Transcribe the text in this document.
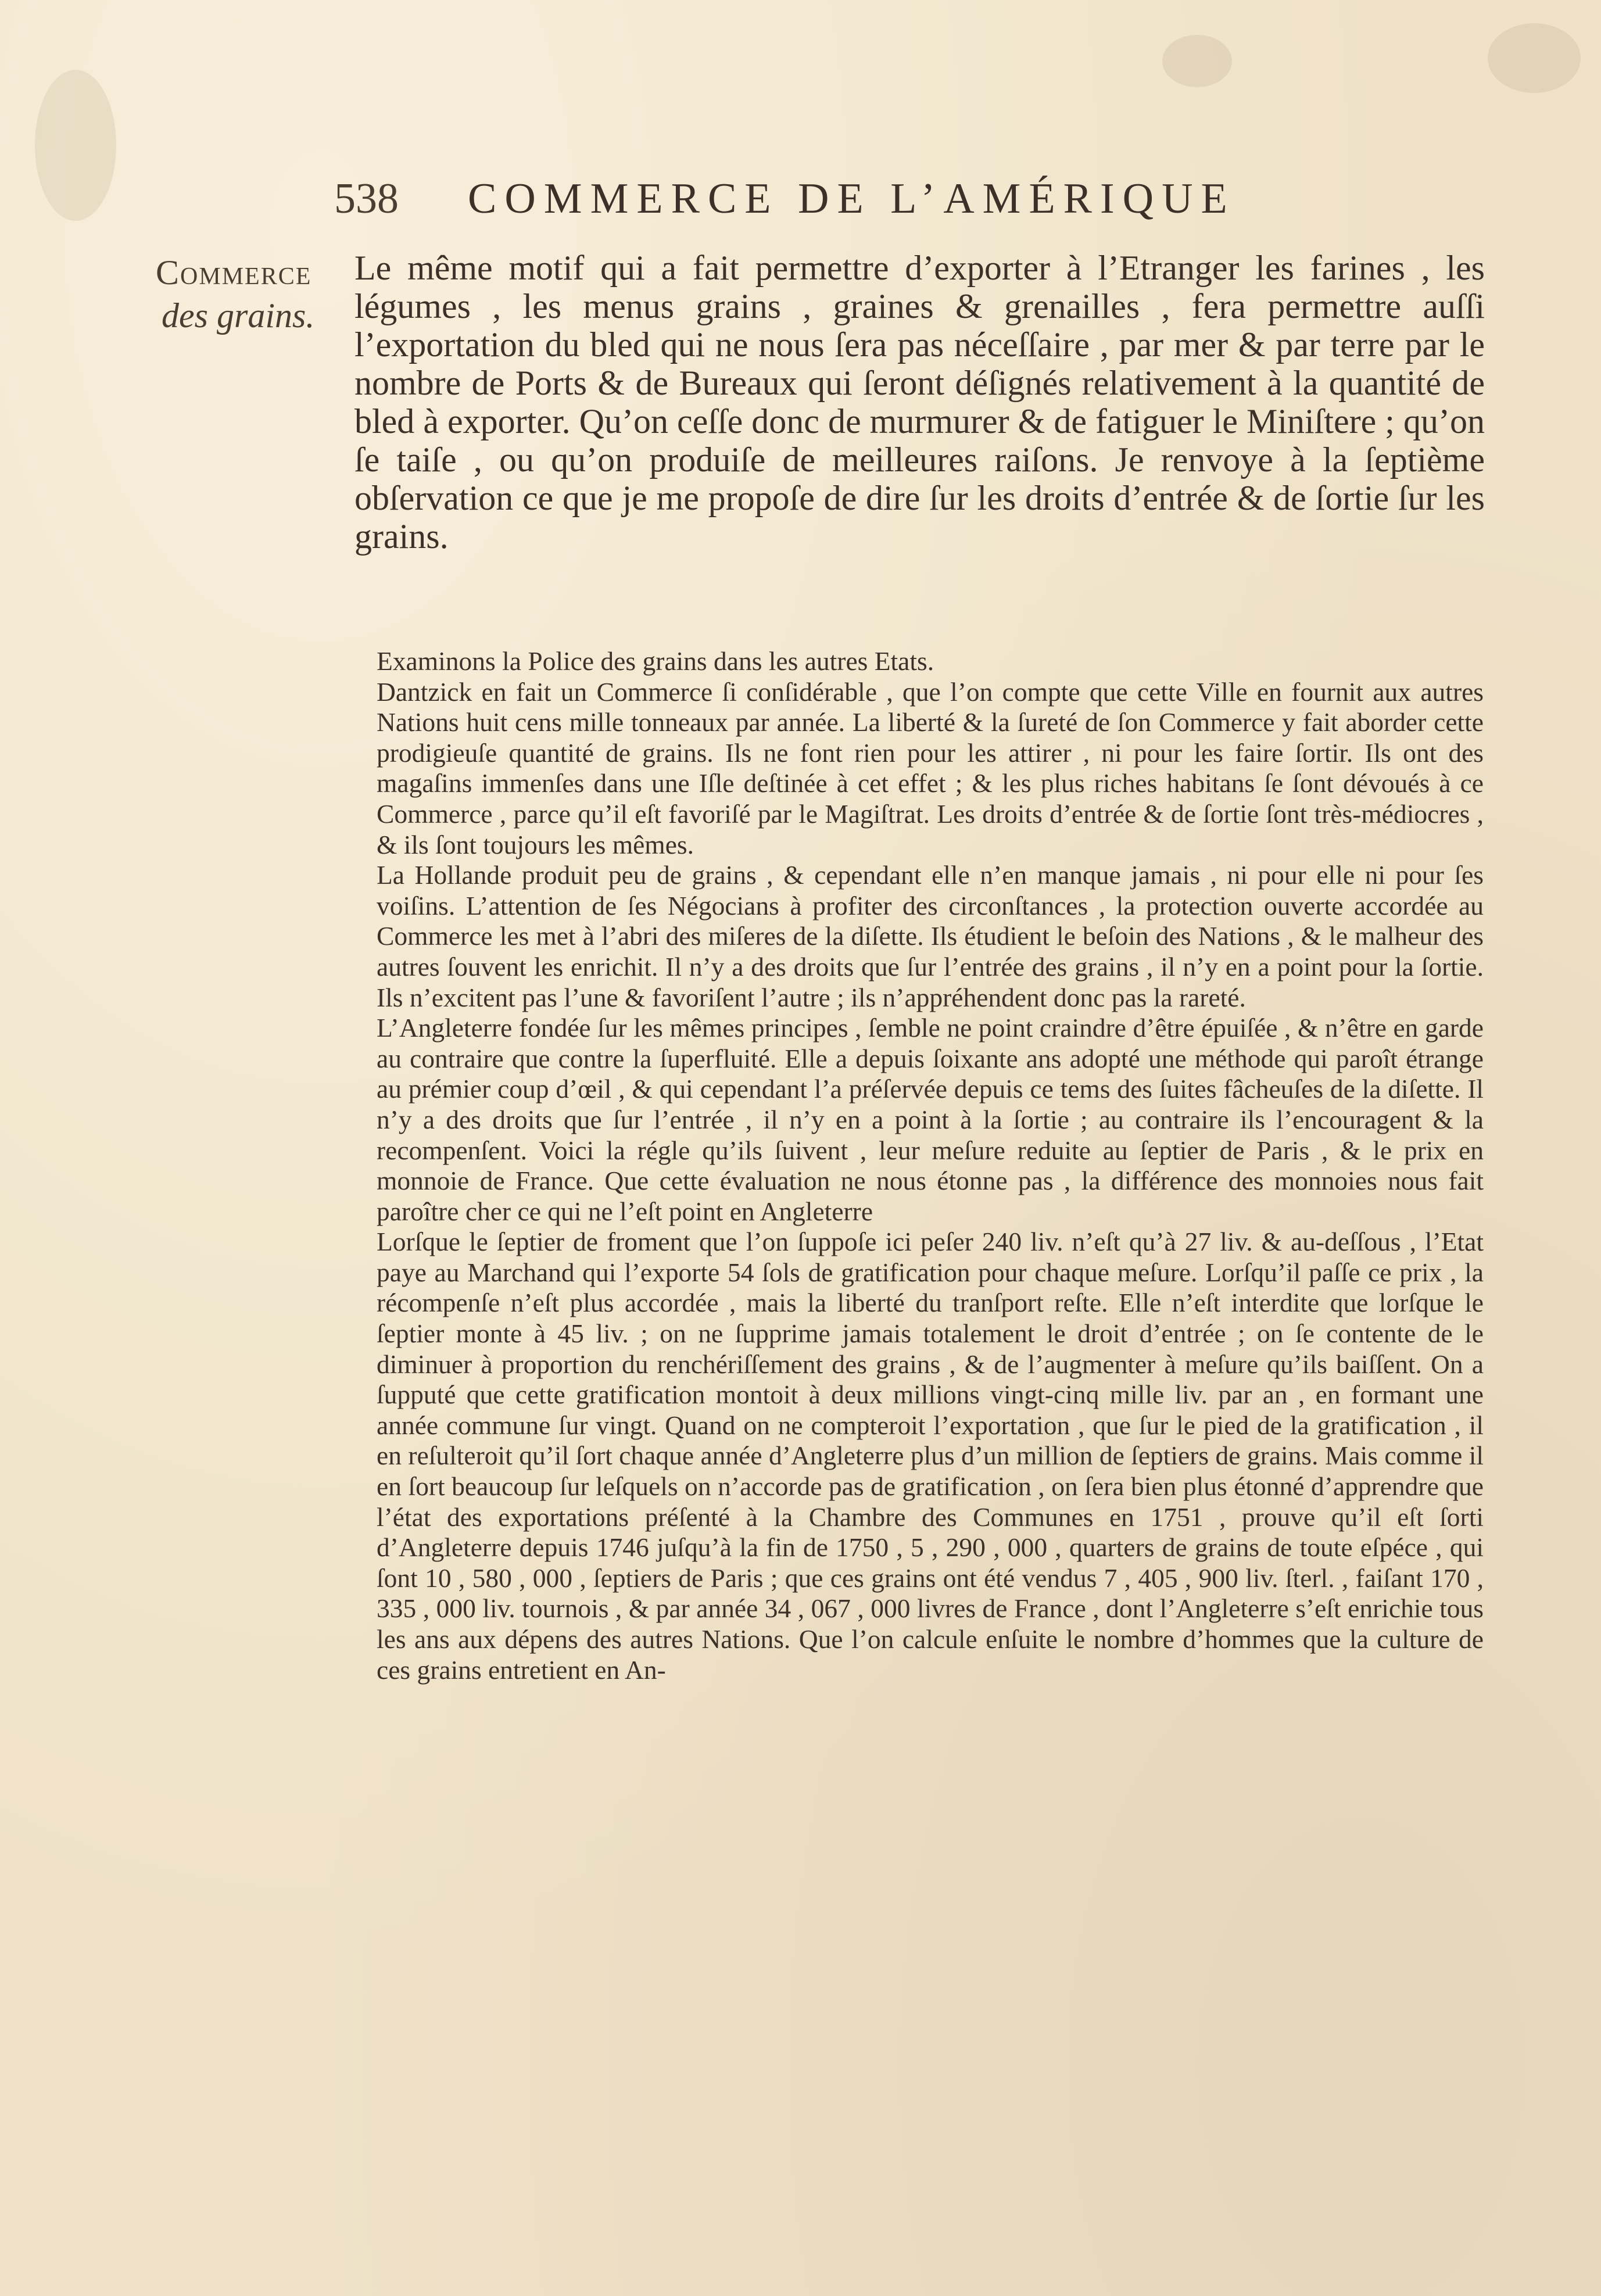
538 COMMERCE DE L’AMÉRIQUE
Commerce
des grains.
Le même motif qui a fait permettre d’exporter à l’Etranger les farines , les légumes , les menus grains , graines & grenailles , fera permettre auſſi l’exportation du bled qui ne nous ſera pas néceſſaire , par mer & par terre par le nombre de Ports & de Bureaux qui ſeront déſignés relativement à la quantité de bled à exporter. Qu’on ceſſe donc de murmurer & de fatiguer le Miniſtere ; qu’on ſe taiſe , ou qu’on produiſe de meilleures raiſons. Je renvoye à la ſeptième obſervation ce que je me propoſe de dire ſur les droits d’entrée & de ſortie ſur les grains.

Examinons la Police des grains dans les autres Etats.

Dantzick en fait un Commerce ſi conſidérable , que l’on compte que cette Ville en fournit aux autres Nations huit cens mille tonneaux par année. La liberté & la ſureté de ſon Commerce y fait aborder cette prodigieuſe quantité de grains. Ils ne font rien pour les attirer , ni pour les faire ſortir. Ils ont des magaſins immenſes dans une Iſle deſtinée à cet effet ; & les plus riches habitans ſe ſont dévoués à ce Commerce , parce qu’il eſt favoriſé par le Magiſtrat. Les droits d’entrée & de ſortie ſont très-médiocres , & ils ſont toujours les mêmes.

La Hollande produit peu de grains , & cependant elle n’en manque jamais , ni pour elle ni pour ſes voiſins. L’attention de ſes Négocians à profiter des circonſtances , la protection ouverte accordée au Commerce les met à l’abri des miſeres de la diſette. Ils étudient le beſoin des Nations , & le malheur des autres ſouvent les enrichit. Il n’y a des droits que ſur l’entrée des grains , il n’y en a point pour la ſortie. Ils n’excitent pas l’une & favoriſent l’autre ; ils n’appréhendent donc pas la rareté.

L’Angleterre fondée ſur les mêmes principes , ſemble ne point craindre d’être épuiſée , & n’être en garde au contraire que contre la ſuperfluité. Elle a depuis ſoixante ans adopté une méthode qui paroît étrange au prémier coup d’œil , & qui cependant l’a préſervée depuis ce tems des ſuites fâcheuſes de la diſette. Il n’y a des droits que ſur l’entrée , il n’y en a point à la ſortie ; au contraire ils l’encouragent & la recompenſent. Voici la régle qu’ils ſuivent , leur meſure reduite au ſeptier de Paris , & le prix en monnoie de France. Que cette évaluation ne nous étonne pas , la différence des monnoies nous fait paroître cher ce qui ne l’eſt point en Angleterre

Lorſque le ſeptier de froment que l’on ſuppoſe ici peſer 240 liv. n’eſt qu’à 27 liv. & au-deſſous , l’Etat paye au Marchand qui l’exporte 54 ſols de gratification pour chaque meſure. Lorſqu’il paſſe ce prix , la récompenſe n’eſt plus accordée , mais la liberté du tranſport reſte. Elle n’eſt interdite que lorſque le ſeptier monte à 45 liv. ; on ne ſupprime jamais totalement le droit d’entrée ; on ſe contente de le diminuer à proportion du renchériſſement des grains , & de l’augmenter à meſure qu’ils baiſſent. On a ſupputé que cette gratification montoit à deux millions vingt-cinq mille liv. par an , en formant une année commune ſur vingt. Quand on ne compteroit l’exportation , que ſur le pied de la gratification , il en reſulteroit qu’il ſort chaque année d’Angleterre plus d’un million de ſeptiers de grains. Mais comme il en ſort beaucoup ſur leſquels on n’accorde pas de gratification , on ſera bien plus étonné d’apprendre que l’état des exportations préſenté à la Chambre des Communes en 1751 , prouve qu’il eſt ſorti d’Angleterre depuis 1746 juſqu’à la fin de 1750 , 5 , 290 , 000 , quarters de grains de toute eſpéce , qui ſont 10 , 580 , 000 , ſeptiers de Paris ; que ces grains ont été vendus 7 , 405 , 900 liv. ſterl. , faiſant 170 , 335 , 000 liv. tournois , & par année 34 , 067 , 000 livres de France , dont l’Angleterre s’eſt enrichie tous les ans aux dépens des autres Nations. Que l’on calcule enſuite le nombre d’hommes que la culture de ces grains entretient en An-
